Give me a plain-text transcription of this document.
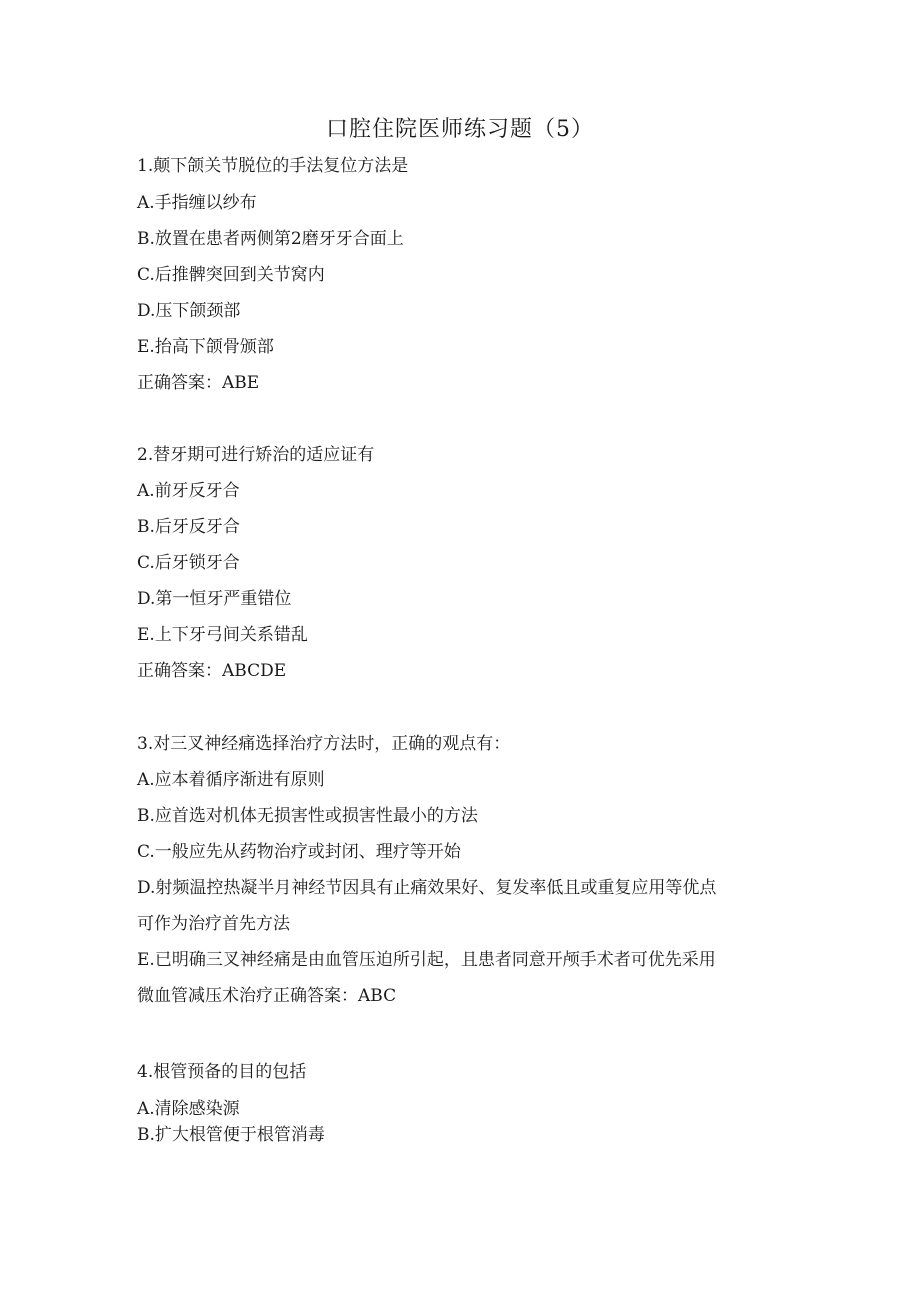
口腔住院医师练习题（5）
1.颠下颌关节脱位的手法复位方法是
A.手指缠以纱布
B.放置在患者两侧第2磨牙牙合面上
C.后推髀突回到关节窝内
D.压下颌颈部
E.抬高下颌骨颁部
正确答案：ABE
2.替牙期可进行矫治的适应证有
A.前牙反牙合
B.后牙反牙合
C.后牙锁牙合
D.第一恒牙严重错位
E.上下牙弓间关系错乱
正确答案：ABCDE
3.对三叉神经痛选择治疗方法时，正确的观点有：
A.应本着循序渐进有原则
B.应首选对机体无损害性或损害性最小的方法
C.一般应先从药物治疗或封闭、理疗等开始
D.射频温控热凝半月神经节因具有止痛效果好、复发率低且或重复应用等优点
可作为治疗首先方法
E.已明确三叉神经痛是由血管压迫所引起，且患者同意开颅手术者可优先采用
微血管减压术治疗正确答案：ABC
4.根管预备的目的包括
A.清除感染源
B.扩大根管便于根管消毒
